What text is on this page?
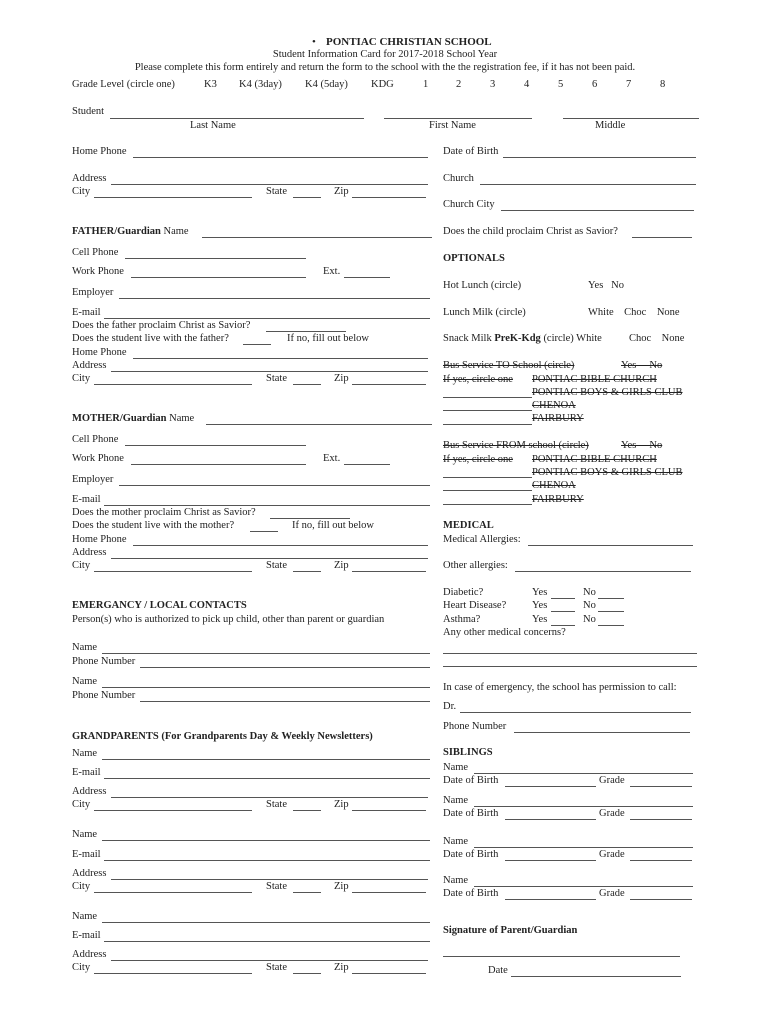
• PONTIAC CHRISTIAN SCHOOL
Student Information Card for 2017-2018 School Year
Please complete this form entirely and return the form to the school with the the registration fee, if it has not been paid.
Grade Level (circle one)	K3 K4 (3day) K4 (5day) KDG	1	2	3	4	5	6	7	8
Student
Last Name	First Name	Middle
Home Phone
Address
City	State	Zip
FATHER/Guardian Name
Cell Phone
Work Phone	Ext.
Employer
E-mail
Does the father proclaim Christ as Savior?
Does the student live with the father?	If no, fill out below
Home Phone
Address
City	State	Zip
MOTHER/Guardian Name
Cell Phone
Work Phone	Ext.
Employer
E-mail
Does the mother proclaim Christ as Savior?
Does the student live with the mother?	If no, fill out below
Home Phone
Address
City	State	Zip
EMERGANCY / LOCAL CONTACTS
Person(s) who is authorized to pick up child, other than parent or guardian
Name
Phone Number
Name
Phone Number
GRANDPARENTS (For Grandparents Day & Weekly Newsletters)
Name
E-mail
Address
City	State	Zip
Name
E-mail
Address
City	State	Zip
Name
E-mail
Address
City	State	Zip
Date of Birth
Church
Church City
Does the child proclaim Christ as Savior?
OPTIONALS
Hot Lunch (circle)	Yes   No
Lunch Milk (circle)	White    Choc    None
Snack Milk PreK-Kdg (circle) White	Choc    None
Bus Service TO School (circle)	Yes     No
If yes, circle one PONTIAC BIBLE CHURCH
PONTIAC BOYS & GIRLS CLUB
CHENOA
FAIRBURY
Bus Service FROM school (circle)	Yes     No
If yes, circle one PONTIAC BIBLE CHURCH
PONTIAC BOYS & GIRLS CLUB
CHENOA
FAIRBURY
MEDICAL
Medical Allergies:
Other allergies:
Diabetic?	Yes	No
Heart Disease? Yes	No
Asthma?	Yes	No
Any other medical concerns?
In case of emergency, the school has permission to call:
Dr.
Phone Number
SIBLINGS
Name
Date of Birth	Grade
Name
Date of Birth	Grade
Name
Date of Birth	Grade
Name
Date of Birth	Grade
Signature of Parent/Guardian
Date
